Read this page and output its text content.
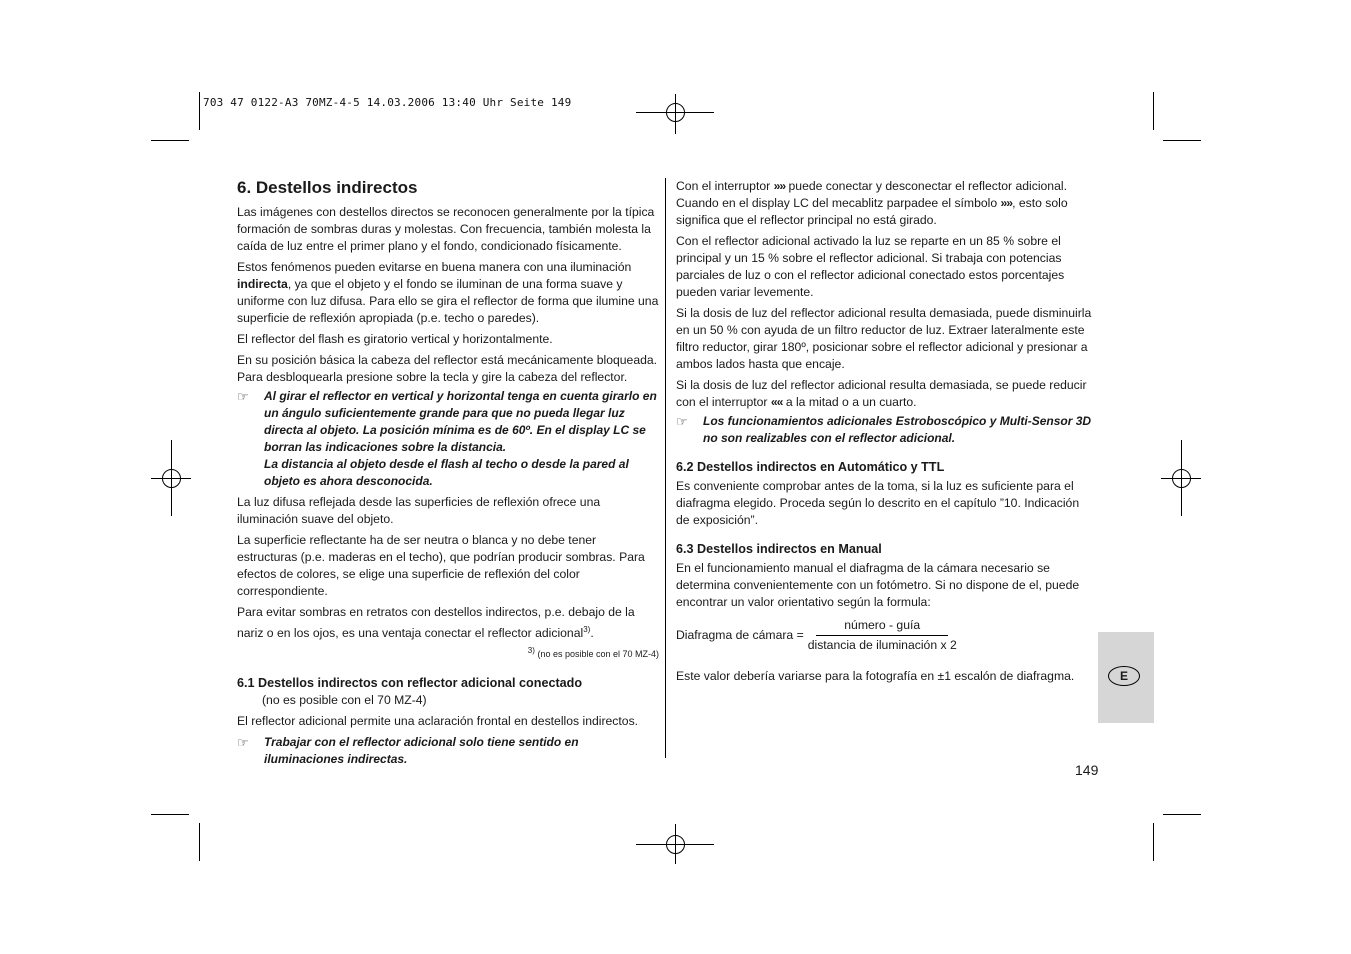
703 47 0122-A3 70MZ-4-5 14.03.2006 13:40 Uhr Seite 149
6. Destellos indirectos

Las imágenes con destellos directos se reconocen generalmente por la típica formación de sombras duras y molestas. Con frecuencia, también molesta la caída de luz entre el primer plano y el fondo, condicionado físicamente.

Estos fenómenos pueden evitarse en buena manera con una iluminación indirecta, ya que el objeto y el fondo se iluminan de una forma suave y uniforme con luz difusa. Para ello se gira el reflector de forma que ilumine una superficie de reflexión apropiada (p.e. techo o paredes).

El reflector del flash es giratorio vertical y horizontalmente.

En su posición básica la cabeza del reflector está mecánicamente bloqueada. Para desbloquearla presione sobre la tecla y gire la cabeza del reflector.

☞	Al girar el reflector en vertical y horizontal tenga en cuenta girarlo en un ángulo suficientemente grande para que no pueda llegar luz directa al objeto. La posición mínima es de 60º. En el display LC se borran las indicaciones sobre la distancia.
La distancia al objeto desde el flash al techo o desde la pared al objeto es ahora desconocida.

La luz difusa reflejada desde las superficies de reflexión ofrece una iluminación suave del objeto.

La superficie reflectante ha de ser neutra o blanca y no debe tener estructuras (p.e. maderas en el techo), que podrían producir sombras. Para efectos de colores, se elige una superficie de reflexión del color correspondiente.

Para evitar sombras en retratos con destellos indirectos, p.e. debajo de la nariz o en los ojos, es una ventaja conectar el reflector adicional$^{3)}$.

3) (no es posible con el 70 MZ-4)
6.1 Destellos indirectos con reflector adicional conectado
(no es posible con el 70 MZ-4)

El reflector adicional permite una aclaración frontal en destellos indirectos.

☞	Trabajar con el reflector adicional solo tiene sentido en iluminaciones indirectas.

Con el interruptor »» puede conectar y desconectar el reflector adicional. Cuando en el display LC del mecablitz parpadee el símbolo »», esto solo significa que el reflector principal no está girado.

Con el reflector adicional activado la luz se reparte en un 85 % sobre el principal y un 15 % sobre el reflector adicional. Si trabaja con potencias parciales de luz o con el reflector adicional conectado estos porcentajes pueden variar levemente.

Si la dosis de luz del reflector adicional resulta demasiada, puede disminuirla en un 50 % con ayuda de un filtro reductor de luz. Extraer lateralmente este filtro reductor, girar 180º, posicionar sobre el reflector adicional y presionar a ambos lados hasta que encaje.

Si la dosis de luz del reflector adicional resulta demasiada, se puede reducir con el interruptor «« a la mitad o a un cuarto.

☞	Los funcionamientos adicionales Estroboscópico y Multi-Sensor 3D no son realizables con el reflector adicional.
6.2 Destellos indirectos en Automático y TTL

Es conveniente comprobar antes de la toma, si la luz es suficiente para el diafragma elegido. Proceda según lo descrito en el capítulo ”10. Indicación de exposición”.

6.3 Destellos indirectos en Manual

En el funcionamiento manual el diafragma de la cámara necesario se determina convenientemente con un fotómetro. Si no dispone de el, puede encontrar un valor orientativo según la formula:

Diafragma de cámara = $\frac{\text{número - guía}}{\text{distancia de iluminación x 2}}$

Este valor debería variarse para la fotografía en ±1 escalón de diafragma.	E
149
